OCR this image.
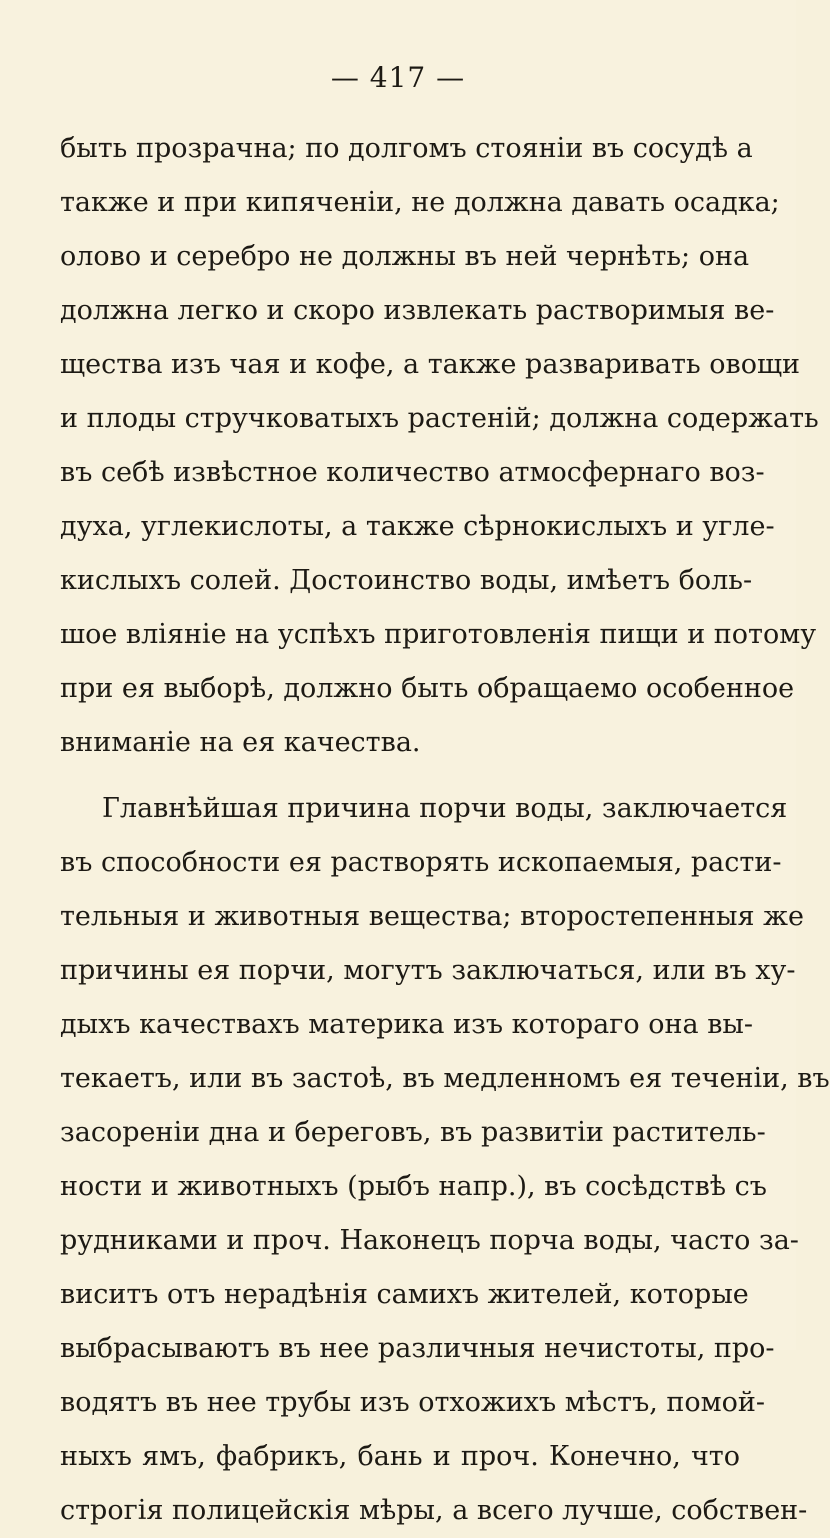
— 417 —
быть прозрачна; по долгомъ стоянiи въ сосудѣ а
также и при кипяченiи, не должна давать осадка;
олово и серебро не должны въ ней чернѣть; она
должна легко и скоро извлекать растворимыя ве-
щества изъ чая и кофе, а также разваривать овощи
и плоды стручковатыхъ растенiй; должна содержать
въ себѣ извѣстное количество атмосфернаго воз-
духа, углекислоты, а также сѣрнокислыхъ и угле-
кислыхъ солей. Достоинство воды, имѣетъ боль-
шое влiянiе на успѣхъ приготовленiя пищи и потому
при ея выборѣ, должно быть обращаемо особенное
вниманiе на ея качества.
Главнѣйшая причина порчи воды, заключается
въ способности ея растворять ископаемыя, расти-
тельныя и животныя вещества; второстепенныя же
причины ея порчи, могутъ заключаться, или въ ху-
дыхъ качествахъ материка изъ котораго она вы-
текаетъ, или въ застоѣ, въ медленномъ ея теченiи, въ
засоренiи дна и береговъ, въ развитiи раститель-
ности и животныхъ (рыбъ напр.), въ сосѣдствѣ съ
рудниками и проч. Наконецъ порча воды, часто за-
виситъ отъ нерадѣнiя самихъ жителей, которые
выбрасываютъ въ нее различныя нечистоты, про-
водятъ въ нее трубы изъ отхожихъ мѣстъ, помой-
ныхъ ямъ, фабрикъ, бань и проч. Конечно, что
строгiя полицейскiя мѣры, а всего лучше, собствен-
